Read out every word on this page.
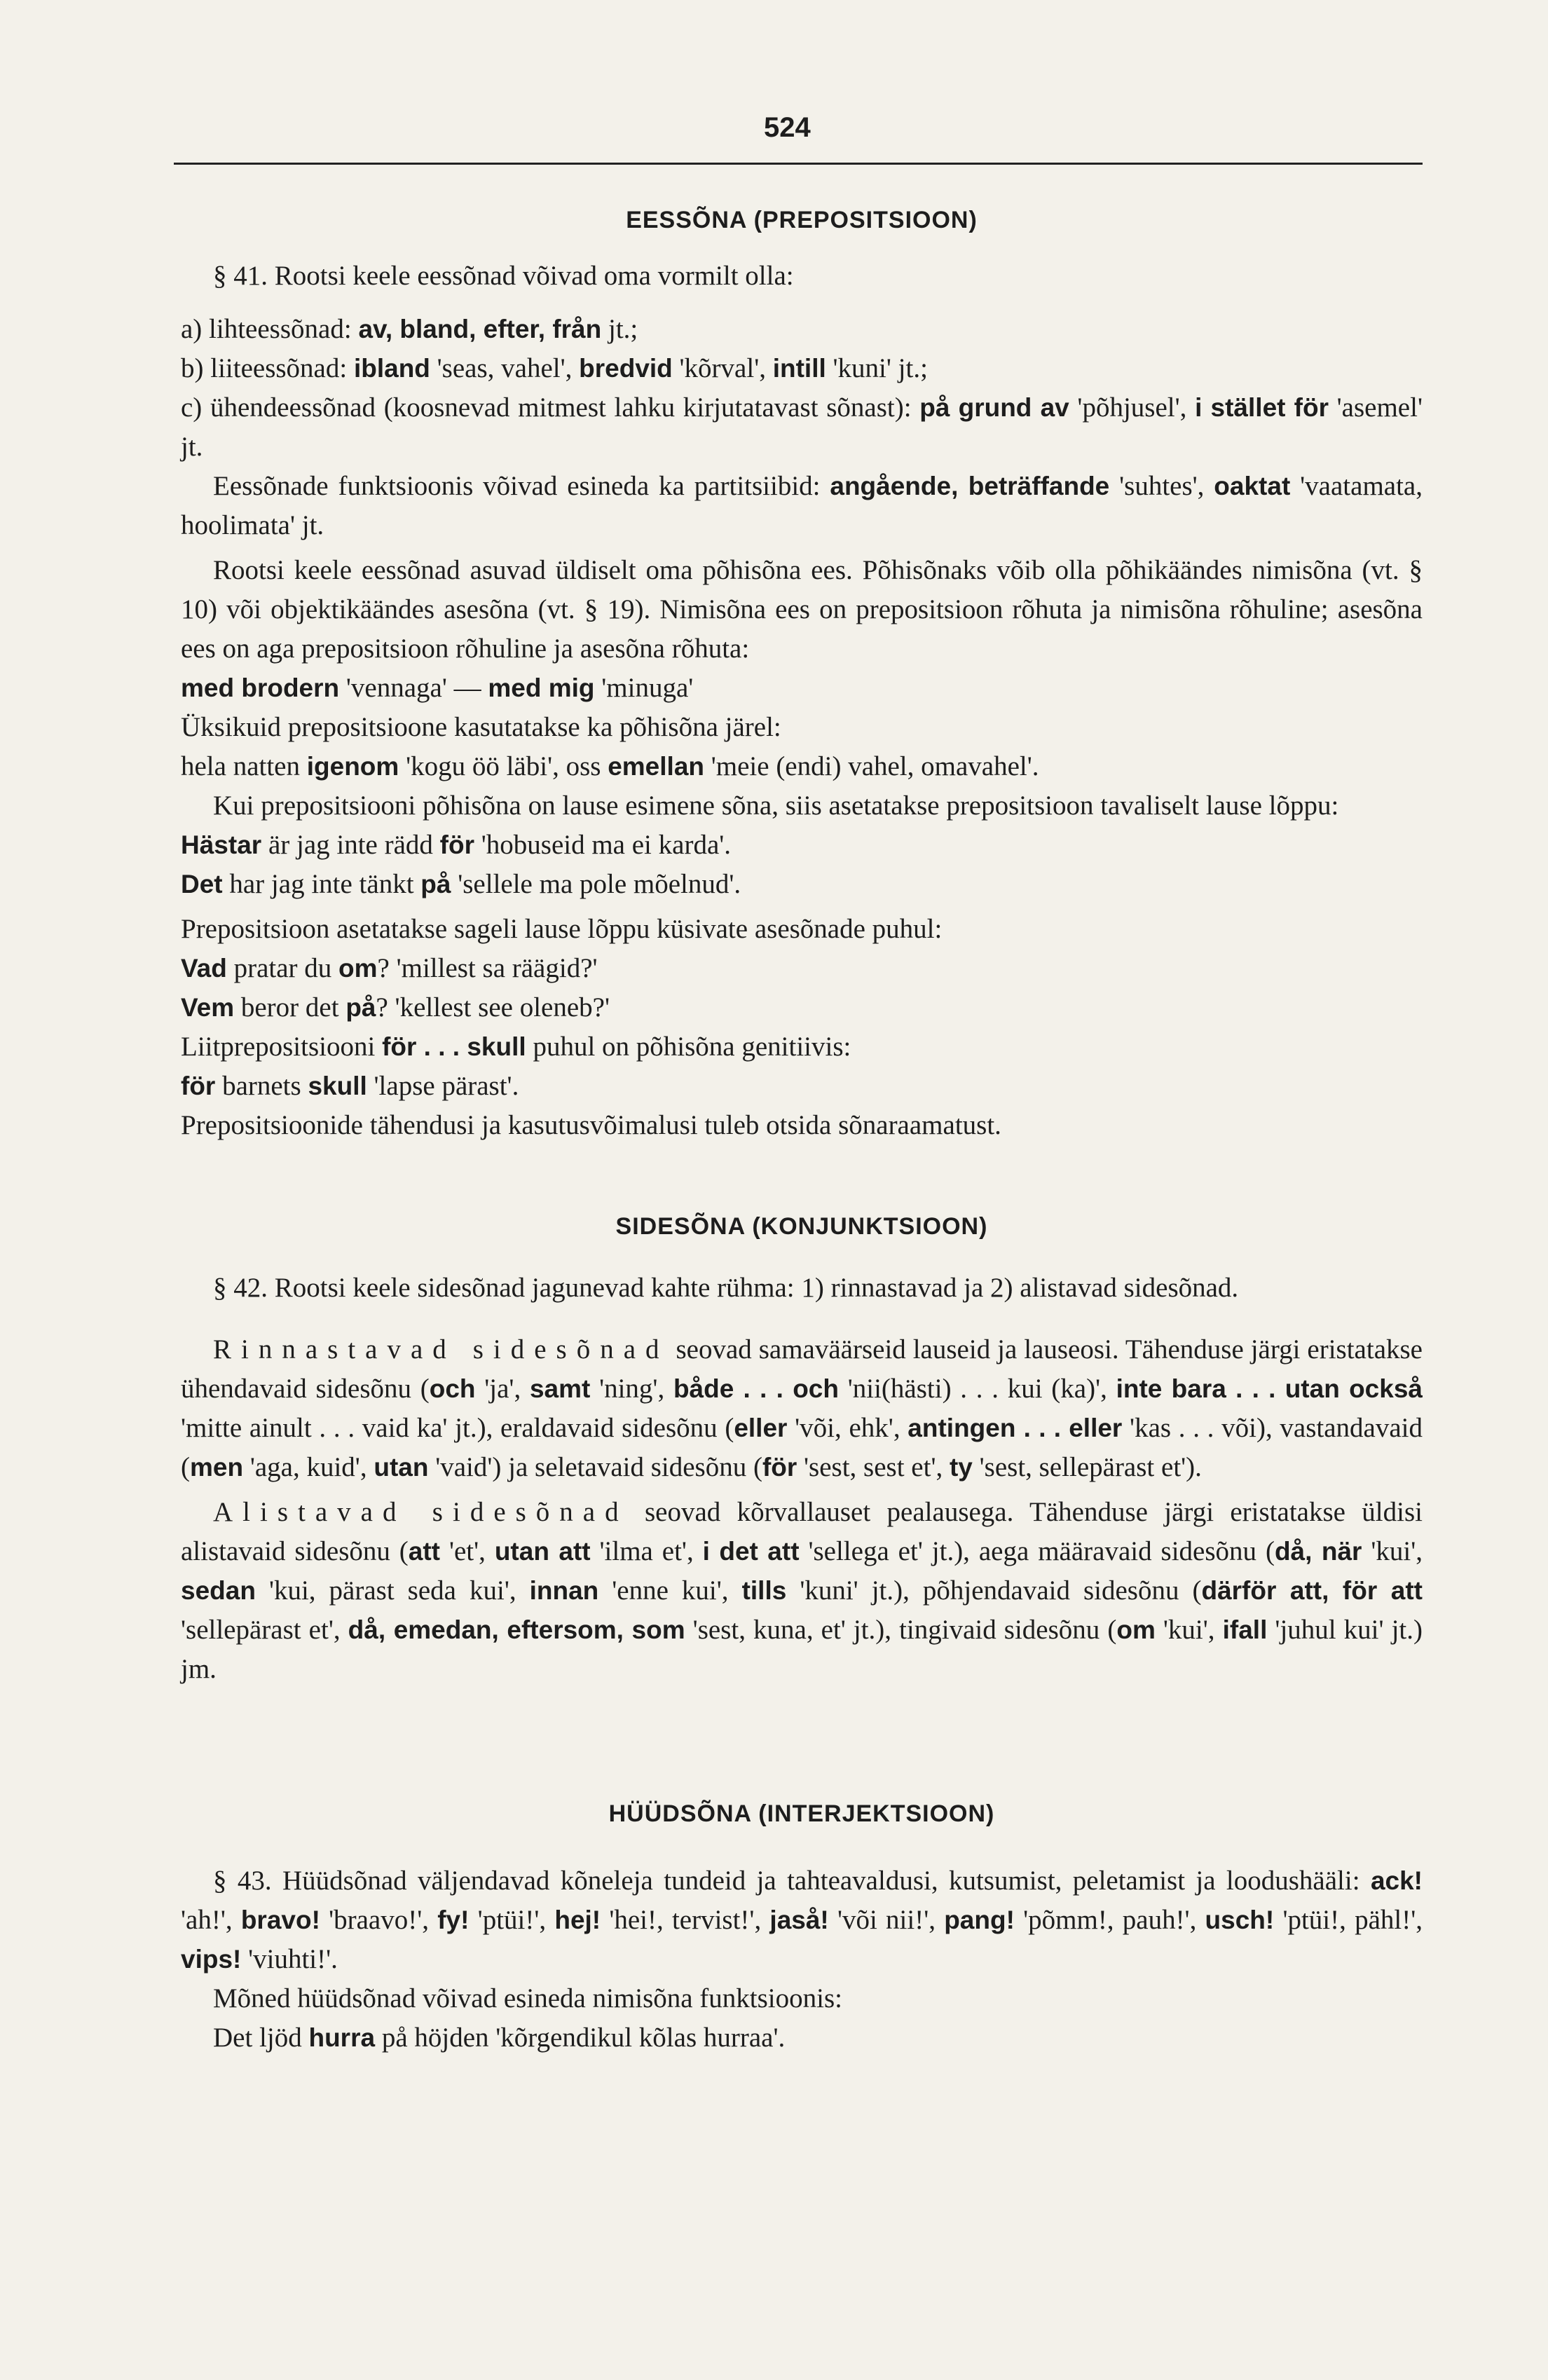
524
EESSÕNA (PREPOSITSIOON)

§ 41. Rootsi keele eessõnad võivad oma vormilt olla:

a) lihteessõnad: av, bland, efter, från jt.;

b) liiteessõnad: ibland 'seas, vahel', bredvid 'kõrval', intill 'kuni' jt.;

c) ühendeessõnad (koosnevad mitmest lahku kirjutatavast sõnast): på grund av 'põhjusel', i stället för 'asemel' jt.

Eessõnade funktsioonis võivad esineda ka partitsiibid: angående, beträffande 'suhtes', oaktat 'vaatamata, hoolimata' jt.

Rootsi keele eessõnad asuvad üldiselt oma põhisõna ees. Põhisõnaks võib olla põhikäändes nimisõna (vt. § 10) või objektikäändes asesõna (vt. § 19). Nimisõna ees on prepositsioon rõhuta ja nimisõna rõhuline; asesõna ees on aga prepositsioon rõhuline ja asesõna rõhuta:

med brodern 'vennaga' — med mig 'minuga'

Üksikuid prepositsioone kasutatakse ka põhisõna järel:

hela natten igenom 'kogu öö läbi', oss emellan 'meie (endi) vahel, omavahel'.

Kui prepositsiooni põhisõna on lause esimene sõna, siis asetatakse prepositsioon tavaliselt lause lõppu:

Hästar är jag inte rädd för 'hobuseid ma ei karda'.

Det har jag inte tänkt på 'sellele ma pole mõelnud'.

Prepositsioon asetatakse sageli lause lõppu küsivate asesõnade puhul:

Vad pratar du om? 'millest sa räägid?'

Vem beror det på? 'kellest see oleneb?'

Liitprepositsiooni för . . . skull puhul on põhisõna genitiivis:

för barnets skull 'lapse pärast'.

Prepositsioonide tähendusi ja kasutusvõimalusi tuleb otsida sõnaraamatust.

SIDESÕNA (KONJUNKTSIOON)

§ 42. Rootsi keele sidesõnad jagunevad kahte rühma: 1) rinnastavad ja 2) alistavad sidesõnad.

Rinnastavad sidesõnad seovad samaväärseid lauseid ja lauseosi. Tähenduse järgi eristatakse ühendavaid sidesõnu (och 'ja', samt 'ning', både . . . och 'nii(hästi) . . . kui (ka)', inte bara . . . utan också 'mitte ainult . . . vaid ka' jt.), eraldavaid sidesõnu (eller 'või, ehk', antingen . . . eller 'kas . . . või), vastandavaid (men 'aga, kuid', utan 'vaid') ja seletavaid sidesõnu (för 'sest, sest et', ty 'sest, sellepärast et').

Alistavad sidesõnad seovad kõrvallauset pealausega. Tähenduse järgi eristatakse üldisi alistavaid sidesõnu (att 'et', utan att 'ilma et', i det att 'sellega et' jt.), aega määravaid sidesõnu (då, när 'kui', sedan 'kui, pärast seda kui', innan 'enne kui', tills 'kuni' jt.), põhjendavaid sidesõnu (därför att, för att 'sellepärast et', då, emedan, eftersom, som 'sest, kuna, et' jt.), tingivaid sidesõnu (om 'kui', ifall 'juhul kui' jt.) jm.

HÜÜDSÕNA (INTERJEKTSIOON)

§ 43. Hüüdsõnad väljendavad kõneleja tundeid ja tahteavaldusi, kutsumist, peletamist ja loodushääli: ack! 'ah!', bravo! 'braavo!', fy! 'ptüi!', hej! 'hei!, tervist!', jaså! 'või nii!', pang! 'põmm!, pauh!', usch! 'ptüi!, pähl!', vips! 'viuhti!'.

Mõned hüüdsõnad võivad esineda nimisõna funktsioonis:

Det ljöd hurra på höjden 'kõrgendikul kõlas hurraa'.
